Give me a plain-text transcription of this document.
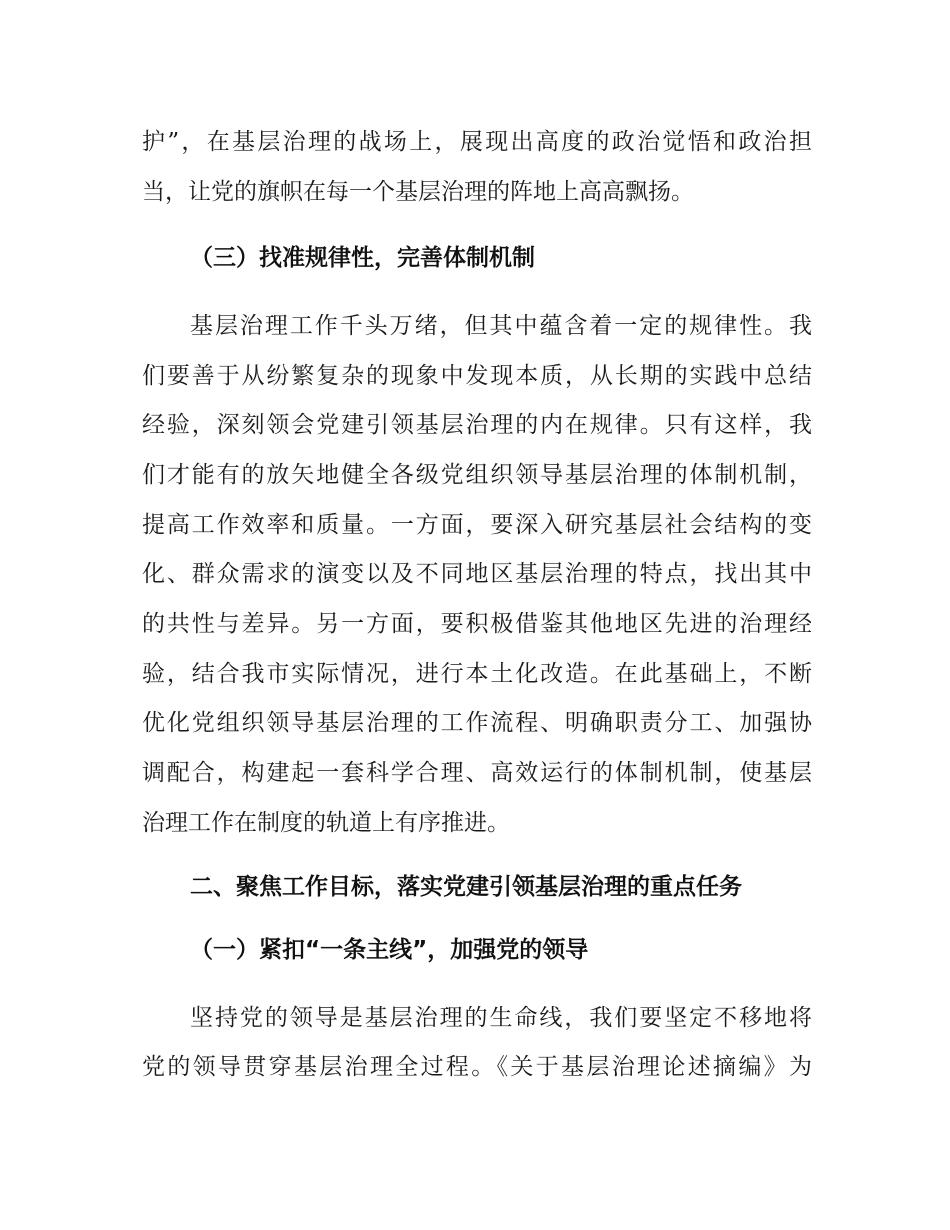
护”，在基层治理的战场上，展现出高度的政治觉悟和政治担
当，让党的旗帜在每一个基层治理的阵地上高高飘扬。
（三）找准规律性，完善体制机制
基层治理工作千头万绪，但其中蕴含着一定的规律性。我
们要善于从纷繁复杂的现象中发现本质，从长期的实践中总结
经验，深刻领会党建引领基层治理的内在规律。只有这样，我
们才能有的放矢地健全各级党组织领导基层治理的体制机制，
提高工作效率和质量。一方面，要深入研究基层社会结构的变
化、群众需求的演变以及不同地区基层治理的特点，找出其中
的共性与差异。另一方面，要积极借鉴其他地区先进的治理经
验，结合我市实际情况，进行本土化改造。在此基础上，不断
优化党组织领导基层治理的工作流程、明确职责分工、加强协
调配合，构建起一套科学合理、高效运行的体制机制，使基层
治理工作在制度的轨道上有序推进。
二、聚焦工作目标，落实党建引领基层治理的重点任务
（一）紧扣“一条主线”，加强党的领导
坚持党的领导是基层治理的生命线，我们要坚定不移地将
党的领导贯穿基层治理全过程。《关于基层治理论述摘编》为
